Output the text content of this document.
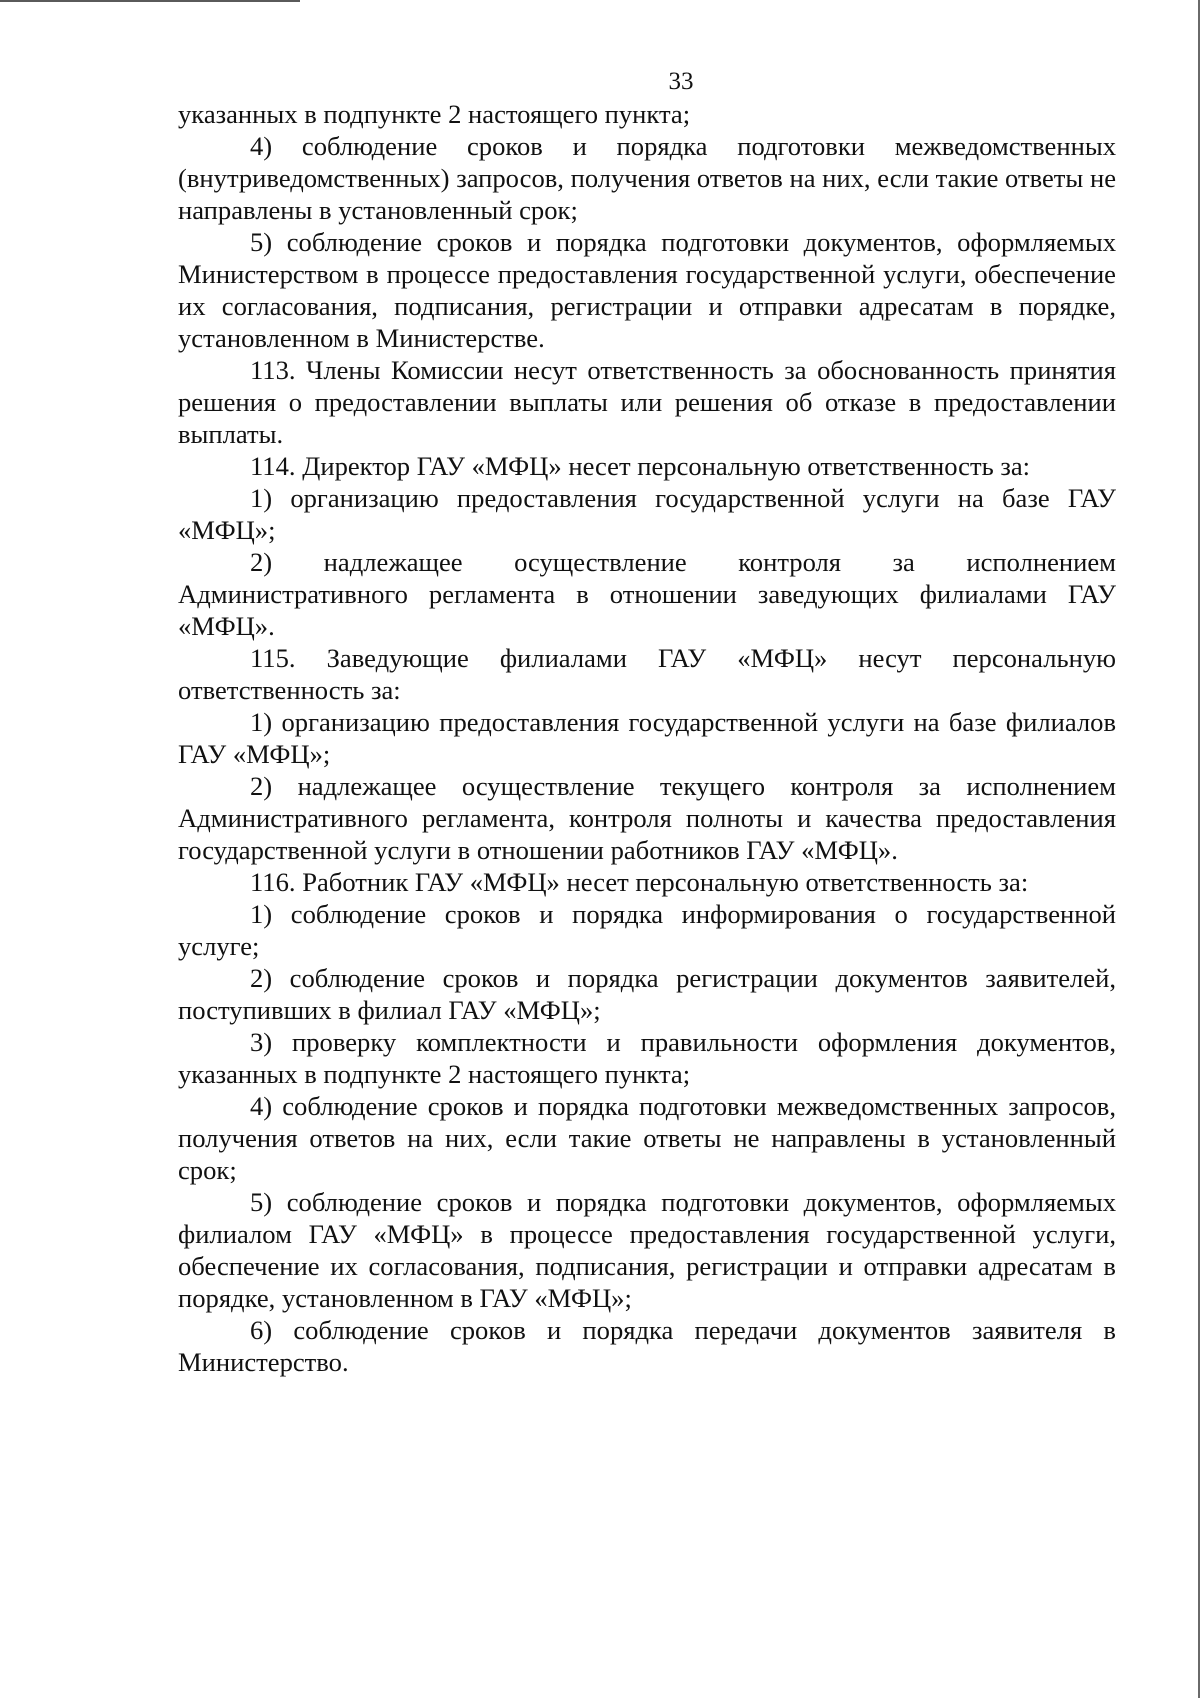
33

указанных в подпункте 2 настоящего пункта;

4) соблюдение сроков и порядка подготовки межведомственных (внутриведомственных) запросов, получения ответов на них, если такие ответы не направлены в установленный срок;

5) соблюдение сроков и порядка подготовки документов, оформляемых Министерством в процессе предоставления государственной услуги, обеспечение их согласования, подписания, регистрации и отправки адресатам в порядке, установленном в Министерстве.

113. Члены Комиссии несут ответственность за обоснованность принятия решения о предоставлении выплаты или решения об отказе в предоставлении выплаты.

114. Директор ГАУ «МФЦ» несет персональную ответственность за:

1) организацию предоставления государственной услуги на базе ГАУ «МФЦ»;

2) надлежащее осуществление контроля за исполнением Административного регламента в отношении заведующих филиалами ГАУ «МФЦ».

115. Заведующие филиалами ГАУ «МФЦ» несут персональную ответственность за:

1) организацию предоставления государственной услуги на базе филиалов ГАУ «МФЦ»;

2) надлежащее осуществление текущего контроля за исполнением Административного регламента, контроля полноты и качества предоставления государственной услуги в отношении работников ГАУ «МФЦ».

116. Работник ГАУ «МФЦ» несет персональную ответственность за:

1) соблюдение сроков и порядка информирования о государственной услуге;

2) соблюдение сроков и порядка регистрации документов заявителей, поступивших в филиал ГАУ «МФЦ»;

3) проверку комплектности и правильности оформления документов, указанных в подпункте 2 настоящего пункта;

4) соблюдение сроков и порядка подготовки межведомственных запросов, получения ответов на них, если такие ответы не направлены в установленный срок;

5) соблюдение сроков и порядка подготовки документов, оформляемых филиалом ГАУ «МФЦ» в процессе предоставления государственной услуги, обеспечение их согласования, подписания, регистрации и отправки адресатам в порядке, установленном в ГАУ «МФЦ»;

6) соблюдение сроков и порядка передачи документов заявителя в Министерство.
